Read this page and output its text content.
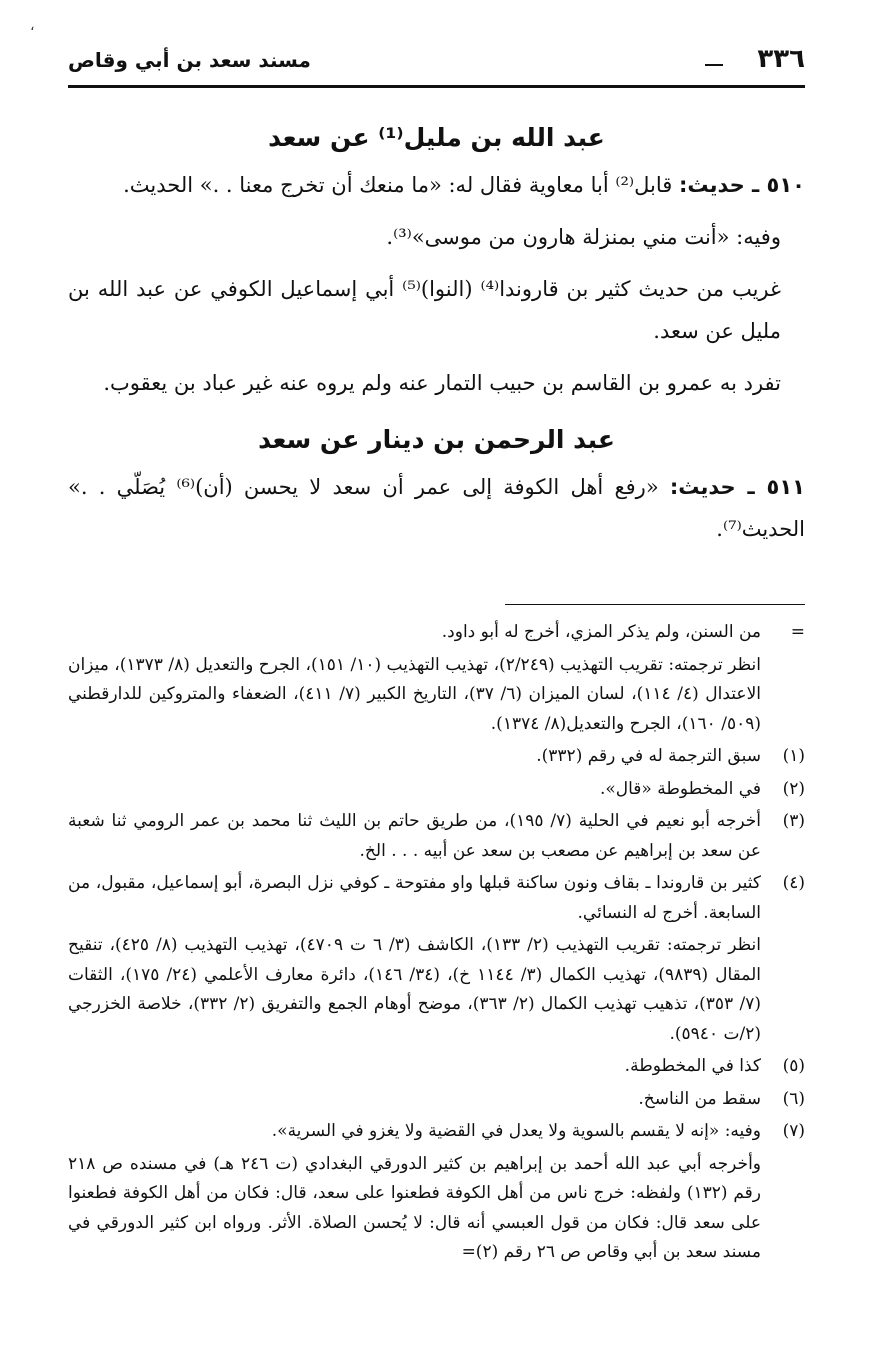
،
٣٣٦
مسند سعد بن أبي وقاص
عبد الله بن مليل⁽¹⁾ عن سعد

٥١٠ ـ حديث: قابل⁽²⁾ أبا معاوية فقال له: «ما منعك أن تخرج معنا . .» الحديث.

وفيه: «أنت مني بمنزلة هارون من موسى»⁽³⁾.

غريب من حديث كثير بن قاروندا⁽⁴⁾ (النوا)⁽⁵⁾ أبي إسماعيل الكوفي عن عبد الله بن مليل عن سعد.

تفرد به عمرو بن القاسم بن حبيب التمار عنه ولم يروه عنه غير عباد بن يعقوب.

عبد الرحمن بن دينار عن سعد

٥١١ ـ حديث: «رفع أهل الكوفة إلى عمر أن سعد لا يحسن (أن)⁽⁶⁾ يُصَلّي . .» الحديث⁽⁷⁾.

=
من السنن، ولم يذكر المزي، أخرج له أبو داود.
انظر ترجمته: تقريب التهذيب (٢/٢٤٩)، تهذيب التهذيب (١٠/ ١٥١)، الجرح والتعديل (٨/ ١٣٧٣)، ميزان الاعتدال (٤/ ١١٤)، لسان الميزان (٦/ ٣٧)، التاريخ الكبير (٧/ ٤١١)، الضعفاء والمتروكين للدارقطني (٥٠٩/ ١٦٠)، الجرح والتعديل(٨/ ١٣٧٤).
(١)
سبق الترجمة له في رقم (٣٣٢).
(٢)
في المخطوطة «قال».
(٣)
أخرجه أبو نعيم في الحلية (٧/ ١٩٥)، من طريق حاتم بن الليث ثنا محمد بن عمر الرومي ثنا شعبة عن سعد بن إبراهيم عن مصعب بن سعد عن أبيه . . . الخ.
(٤)
كثير بن قاروندا ـ بقاف ونون ساكنة قبلها واو مفتوحة ـ كوفي نزل البصرة، أبو إسماعيل، مقبول، من السابعة. أخرج له النسائي.
انظر ترجمته: تقريب التهذيب (٢/ ١٣٣)، الكاشف (٣/ ٦ ت ٤٧٠٩)، تهذيب التهذيب (٨/ ٤٢٥)، تنقيح المقال (٩٨٣٩)، تهذيب الكمال (٣/ ١١٤٤ خ)، (٣٤/ ١٤٦)، دائرة معارف الأعلمي (٢٤/ ١٧٥)، الثقات (٧/ ٣٥٣)، تذهيب تهذيب الكمال (٢/ ٣٦٣)، موضح أوهام الجمع والتفريق (٢/ ٣٣٢)، خلاصة الخزرجي (٢/ت ٥٩٤٠).
(٥)
كذا في المخطوطة.
(٦)
سقط من الناسخ.
(٧)
وفيه: «إنه لا يقسم بالسوية ولا يعدل في القضية ولا يغزو في السرية».
وأخرجه أبي عبد الله أحمد بن إبراهيم بن كثير الدورقي البغدادي (ت ٢٤٦ هـ) في مسنده ص ٢١٨ رقم (١٣٢) ولفظه: خرج ناس من أهل الكوفة فطعنوا على سعد، قال: فكان من أهل الكوفة فطعنوا على سعد قال: فكان من قول العبسي أنه قال: لا يُحسن الصلاة. الأثر. ورواه ابن كثير الدورقي في مسند سعد بن أبي وقاص ص ٢٦ رقم (٢)=
